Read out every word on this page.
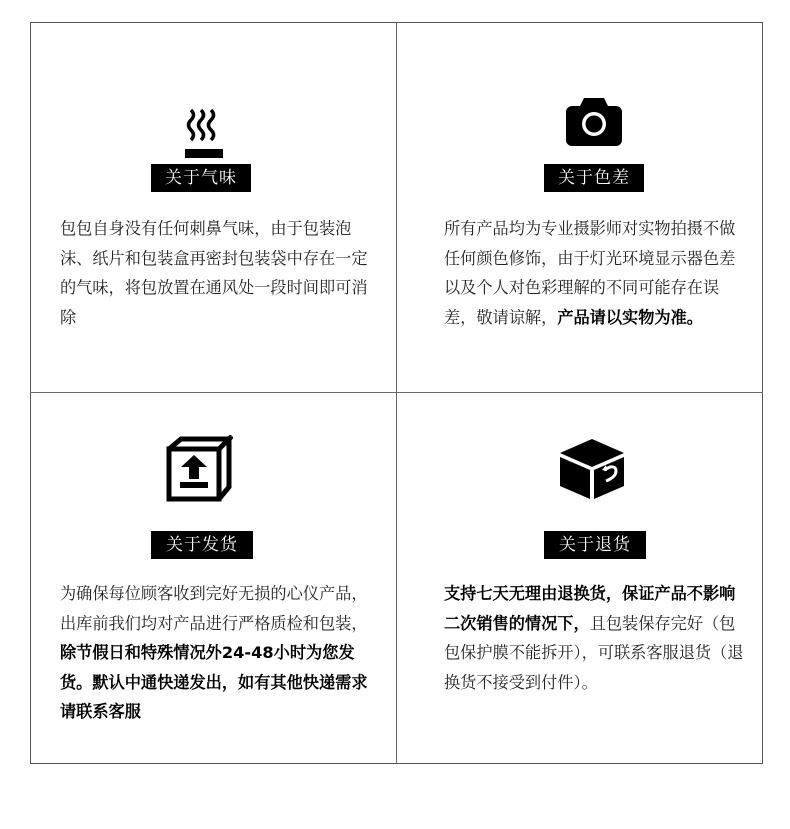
关于气味
包包自身没有任何刺鼻气味，由于包装泡沫、纸片和包装盒再密封包装袋中存在一定的气味，将包放置在通风处一段时间即可消除
关于色差
所有产品均为专业摄影师对实物拍摄不做任何颜色修饰，由于灯光环境显示器色差以及个人对色彩理解的不同可能存在误差，敬请谅解，产品请以实物为准。
关于发货
为确保每位顾客收到完好无损的心仪产品，出库前我们均对产品进行严格质检和包装，除节假日和特殊情况外24-48小时为您发货。默认中通快递发出，如有其他快递需求请联系客服
关于退货
支持七天无理由退换货，保证产品不影响二次销售的情况下，且包装保存完好（包包保护膜不能拆开），可联系客服退货（退换货不接受到付件）。
